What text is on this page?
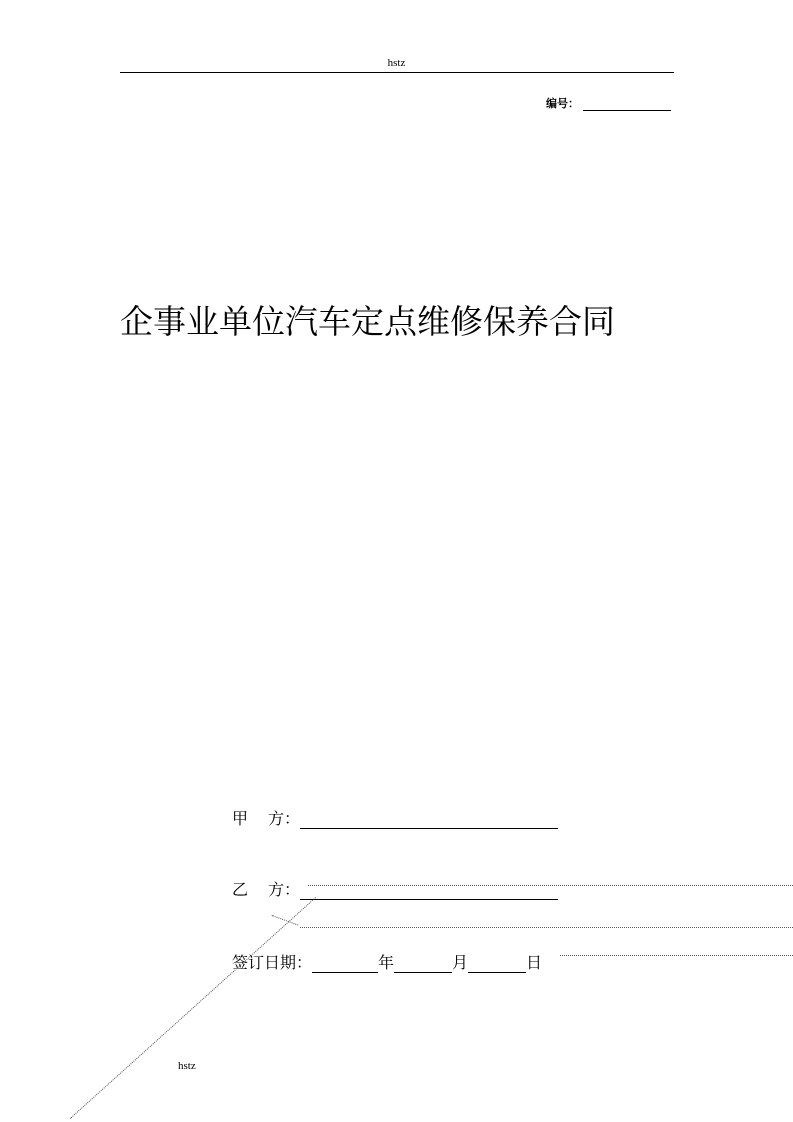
hstz
编号：
企事业单位汽车定点维修保养合同
甲 方：
乙 方：
签订日期：	年	月	日
hstz
